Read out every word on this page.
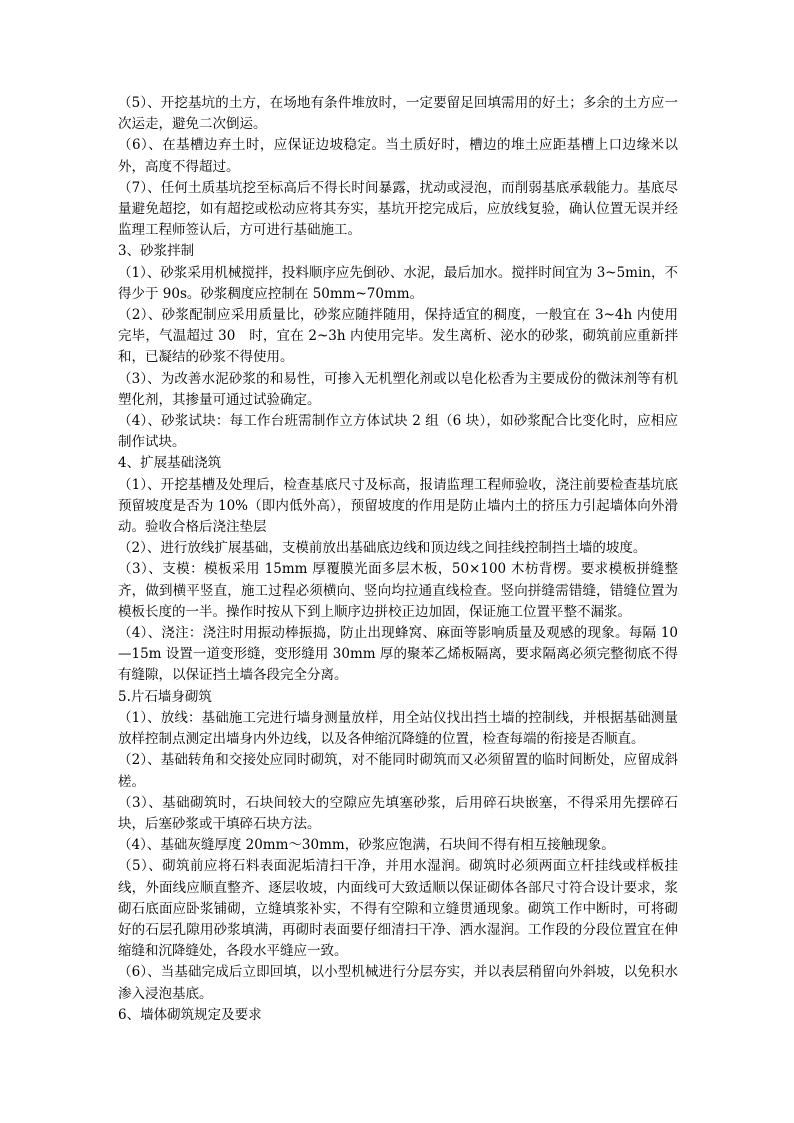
（5）、开挖基坑的土方，在场地有条件堆放时，一定要留足回填需用的好土；多余的土方应一次运走，避免二次倒运。

（6）、在基槽边弃土时，应保证边坡稳定。当土质好时，槽边的堆土应距基槽上口边缘米以外，高度不得超过。

（7）、任何土质基坑挖至标高后不得长时间暴露，扰动或浸泡，而削弱基底承载能力。基底尽量避免超挖，如有超挖或松动应将其夯实，基坑开挖完成后，应放线复验，确认位置无误并经监理工程师签认后，方可进行基础施工。

3、砂浆拌制

（1）、砂浆采用机械搅拌，投料顺序应先倒砂、水泥，最后加水。搅拌时间宜为 3~5min，不得少于 90s。砂浆稠度应控制在 50mm~70mm。

（2）、砂浆配制应采用质量比，砂浆应随拌随用，保持适宜的稠度，一般宜在 3~4h 内使用完毕，气温超过 30　时，宜在 2~3h 内使用完毕。发生离析、泌水的砂浆，砌筑前应重新拌和，已凝结的砂浆不得使用。

（3）、为改善水泥砂浆的和易性，可掺入无机塑化剂或以皂化松香为主要成份的微沫剂等有机塑化剂，其掺量可通过试验确定。

（4）、砂浆试块：每工作台班需制作立方体试块 2 组（6 块），如砂浆配合比变化时，应相应制作试块。

4、扩展基础浇筑

（1）、开挖基槽及处理后，检查基底尺寸及标高，报请监理工程师验收，浇注前要检查基坑底预留坡度是否为 10%（即内低外高），预留坡度的作用是防止墙内土的挤压力引起墙体向外滑动。验收合格后浇注垫层

（2）、进行放线扩展基础，支模前放出基础底边线和顶边线之间挂线控制挡土墙的坡度。

（3）、支模：模板采用 15mm 厚覆膜光面多层木板，50×100 木枋背楞。要求模板拼缝整齐，做到横平竖直，施工过程必须横向、竖向均拉通直线检查。竖向拼缝需错缝，错缝位置为模板长度的一半。操作时按从下到上顺序边拼校正边加固，保证施工位置平整不漏浆。

（4）、浇注：浇注时用振动棒振捣，防止出现蜂窝、麻面等影响质量及观感的现象。每隔 10—15m 设置一道变形缝，变形缝用 30mm 厚的聚苯乙烯板隔离，要求隔离必须完整彻底不得有缝隙，以保证挡土墙各段完全分离。

5.片石墙身砌筑

（1）、放线：基础施工完进行墙身测量放样，用全站仪找出挡土墙的控制线，并根据基础测量放样控制点测定出墙身内外边线，以及各伸缩沉降缝的位置，检查每端的衔接是否顺直。

（2）、基础转角和交接处应同时砌筑，对不能同时砌筑而又必须留置的临时间断处，应留成斜槎。

（3）、基础砌筑时，石块间较大的空隙应先填塞砂浆，后用碎石块嵌塞，不得采用先摆碎石块，后塞砂浆或干填碎石块方法。

（4）、基础灰缝厚度 20mm～30mm，砂浆应饱满，石块间不得有相互接触现象。

（5）、砌筑前应将石料表面泥垢清扫干净，并用水湿润。砌筑时必须两面立杆挂线或样板挂线，外面线应顺直整齐、逐层收坡，内面线可大致适顺以保证砌体各部尺寸符合设计要求，浆砌石底面应卧浆铺砌，立缝填浆补实，不得有空隙和立缝贯通现象。砌筑工作中断时，可将砌好的石层孔隙用砂浆填满，再砌时表面要仔细清扫干净、洒水湿润。工作段的分段位置宜在伸缩缝和沉降缝处，各段水平缝应一致。

（6）、当基础完成后立即回填，以小型机械进行分层夯实，并以表层稍留向外斜坡，以免积水渗入浸泡基底。

6、墙体砌筑规定及要求
